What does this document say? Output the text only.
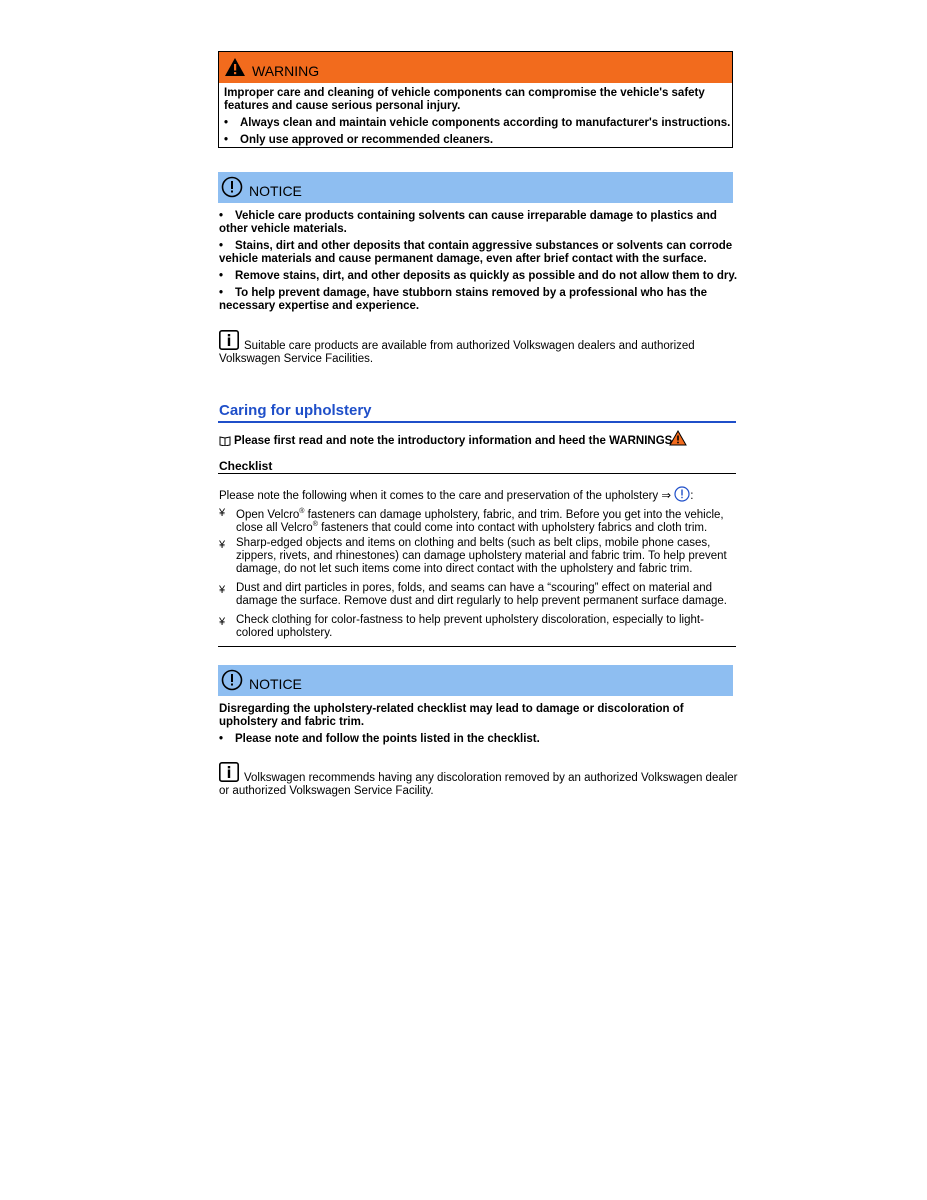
WARNING
Improper care and cleaning of vehicle components can compromise the vehicle's safety
features and cause serious personal injury.
• Always clean and maintain vehicle components according to manufacturer's instructions.
• Only use approved or recommended cleaners.
NOTICE
• Vehicle care products containing solvents can cause irreparable damage to plastics and
other vehicle materials.
• Stains, dirt and other deposits that contain aggressive substances or solvents can corrode
vehicle materials and cause permanent damage, even after brief contact with the surface.
• Remove stains, dirt, and other deposits as quickly as possible and do not allow them to dry.
• To help prevent damage, have stubborn stains removed by a professional who has the
necessary expertise and experience.
Suitable care products are available from authorized Volkswagen dealers and authorized
Volkswagen Service Facilities.
Caring for upholstery
Please first read and note the introductory information and heed the WARNINGS
Checklist
Please note the following when it comes to the care and preservation of the upholstery ⇒ :
¥ Open Velcro® fasteners can damage upholstery, fabric, and trim. Before you get into the vehicle,
close all Velcro® fasteners that could come into contact with upholstery fabrics and cloth trim.
¥ Sharp-edged objects and items on clothing and belts (such as belt clips, mobile phone cases,
zippers, rivets, and rhinestones) can damage upholstery material and fabric trim. To help prevent
damage, do not let such items come into direct contact with the upholstery and fabric trim.
¥ Dust and dirt particles in pores, folds, and seams can have a “scouring” effect on material and
damage the surface. Remove dust and dirt regularly to help prevent permanent surface damage.
¥ Check clothing for color-fastness to help prevent upholstery discoloration, especially to light-
colored upholstery.
NOTICE
Disregarding the upholstery-related checklist may lead to damage or discoloration of
upholstery and fabric trim.
• Please note and follow the points listed in the checklist.
Volkswagen recommends having any discoloration removed by an authorized Volkswagen dealer
or authorized Volkswagen Service Facility.
